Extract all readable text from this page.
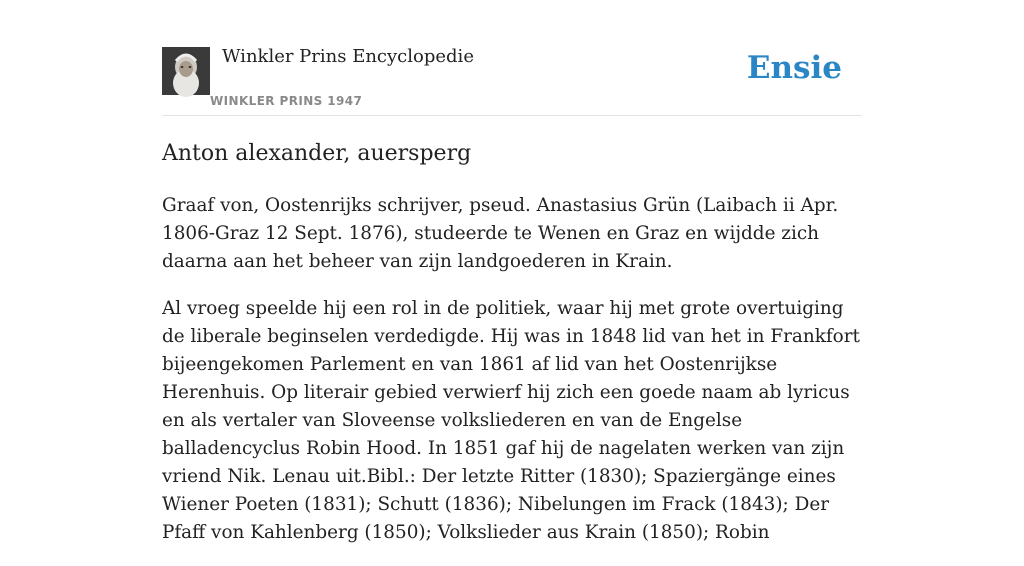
Winkler Prins Encyclopedie
WINKLER PRINS 1947
Ensie
Anton alexander, auersperg

Graaf von, Oostenrijks schrijver, pseud. Anastasius Grün (Laibach ii Apr. 1806-Graz 12 Sept. 1876), studeerde te Wenen en Graz en wijdde zich daarna aan het beheer van zijn landgoederen in Krain.

Al vroeg speelde hij een rol in de politiek, waar hij met grote overtuiging de liberale beginselen verdedigde. Hij was in 1848 lid van het in Frankfort bijeengekomen Parlement en van 1861 af lid van het Oostenrijkse Herenhuis. Op literair gebied verwierf hij zich een goede naam ab lyricus en als vertaler van Sloveense volksliederen en van de Engelse balladencyclus Robin Hood. In 1851 gaf hij de nagelaten werken van zijn vriend Nik. Lenau uit.Bibl.: Der letzte Ritter (1830); Spaziergänge eines Wiener Poeten (1831); Schutt (1836); Nibelungen im Frack (1843); Der Pfaff von Kahlenberg (1850); Volkslieder aus Krain (1850); Robin
